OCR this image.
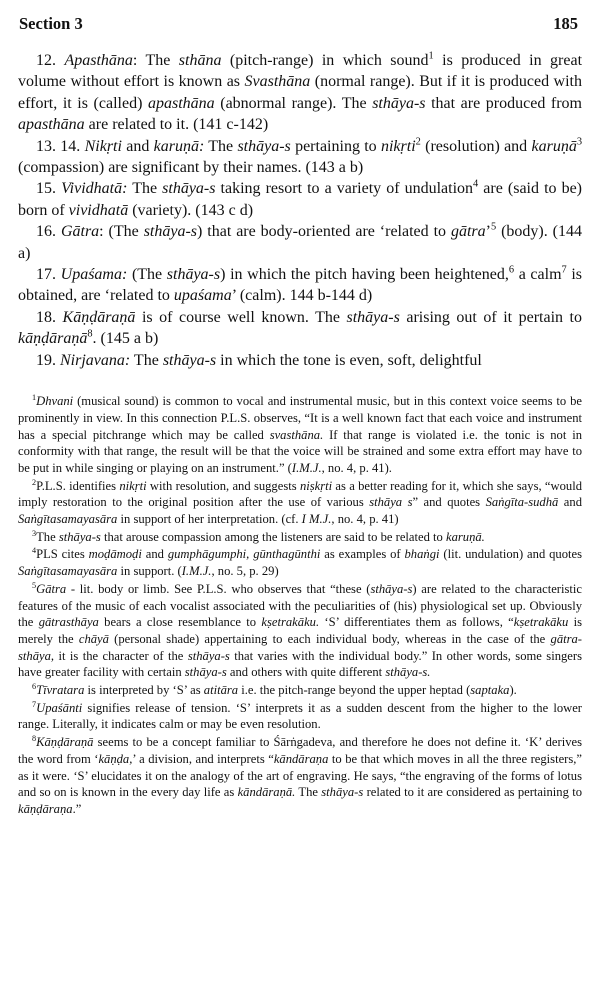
Section 3	185

12. Apasthāna: The sthāna (pitch-range) in which sound$^1$ is produced in great volume without effort is known as Svasthāna (normal range). But if it is produced with effort, it is (called) apasthāna (abnormal range). The sthāya-s that are produced from apasthāna are related to it. (141 c-142)

13. 14. Nikṛti and karuṇā: The sthāya-s pertaining to nikṛti$^2$ (resolution) and karuṇā$^3$ (compassion) are significant by their names. (143 a b)

15. Vividhatā: The sthāya-s taking resort to a variety of undulation$^4$ are (said to be) born of vividhatā (variety). (143 c d)

16. Gātra: (The sthāya-s) that are body-oriented are ‘related to gātra’$^5$ (body). (144 a)

17. Upaśama: (The sthāya-s) in which the pitch having been heightened,$^6$ a calm$^7$ is obtained, are ‘related to upaśama’ (calm). 144 b-144 d)

18. Kāṇḍāraṇā is of course well known. The sthāya-s arising out of it pertain to kāṇḍāraṇā$^8$. (145 a b)

19. Nirjavana: The sthāya-s in which the tone is even, soft, delightful

$^1$Dhvani (musical sound) is common to vocal and instrumental music, but in this context voice seems to be prominently in view. In this connection P.L.S. observes, “It is a well known fact that each voice and instrument has a special pitchrange which may be called svasthāna. If that range is violated i.e. the tonic is not in conformity with that range, the result will be that the voice will be strained and some extra effort may have to be put in while singing or playing on an instrument.” (I.M.J., no. 4, p. 41).

$^2$P.L.S. identifies nikṛti with resolution, and suggests niṣkṛti as a better reading for it, which she says, “would imply restoration to the original position after the use of various sthāya s” and quotes Saṅgīta-sudhā and Saṅgītasamayasāra in support of her interpretation. (cf. I M.J., no. 4, p. 41)

$^3$The sthāya-s that arouse compassion among the listeners are said to be related to karuṇā.

$^4$PLS cites moḍāmoḍi and gumphāgumphi, gūnthagūnthi as examples of bhaṅgi (lit. undulation) and quotes Saṅgītasamayasāra in support. (I.M.J., no. 5, p. 29)

$^5$Gātra - lit. body or limb. See P.L.S. who observes that “these (sthāya-s) are related to the characteristic features of the music of each vocalist associated with the peculiarities of (his) physiological set up. Obviously the gātrasthāya bears a close resemblance to kṣetrakāku. ‘S’ differentiates them as follows, “kṣetrakāku is merely the chāyā (personal shade) appertaining to each individual body, whereas in the case of the gātra-sthāya, it is the character of the sthāya-s that varies with the individual body.” In other words, some singers have greater facility with certain sthāya-s and others with quite different sthāya-s.

$^6$Tīvratara is interpreted by ‘S’ as atitāra i.e. the pitch-range beyond the upper heptad (saptaka).

$^7$Upaśānti signifies release of tension. ‘S’ interprets it as a sudden descent from the higher to the lower range. Literally, it indicates calm or may be even resolution.

$^8$Kāṇḍāraṇā seems to be a concept familiar to Śārṅgadeva, and therefore he does not define it. ‘K’ derives the word from ‘kāṇḍa,’ a division, and interprets “kāndāraṇa to be that which moves in all the three registers,” as it were. ‘S’ elucidates it on the analogy of the art of engraving. He says, “the engraving of the forms of lotus and so on is known in the every day life as kāndāraṇā. The sthāya-s related to it are considered as pertaining to kāṇḍāraṇa.”
